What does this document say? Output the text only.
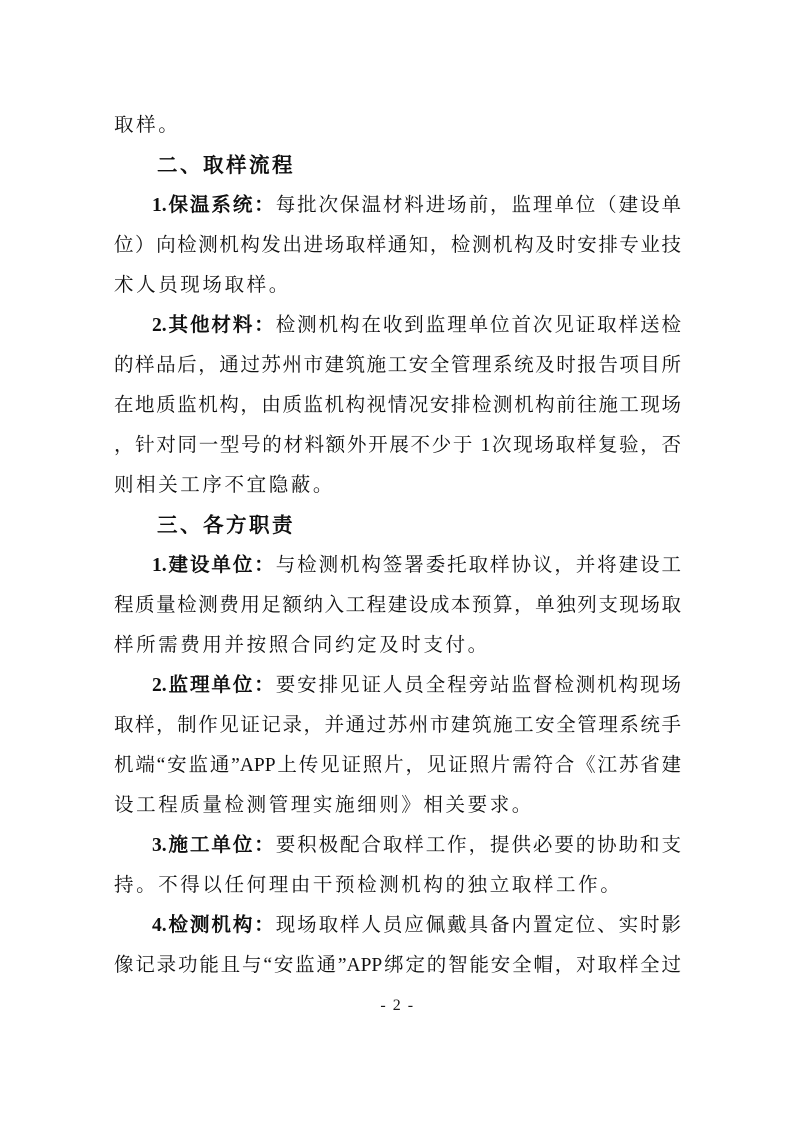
取样。
二、取样流程
1.保温系统：每批次保温材料进场前，监理单位（建设单
位）向检测机构发出进场取样通知，检测机构及时安排专业技
术人员现场取样。
2.其他材料：检测机构在收到监理单位首次见证取样送检
的样品后，通过苏州市建筑施工安全管理系统及时报告项目所
在地质监机构，由质监机构视情况安排检测机构前往施工现场
，针对同一型号的材料额外开展不少于 1次现场取样复验，否
则相关工序不宜隐蔽。
三、各方职责
1.建设单位：与检测机构签署委托取样协议，并将建设工
程质量检测费用足额纳入工程建设成本预算，单独列支现场取
样所需费用并按照合同约定及时支付。
2.监理单位：要安排见证人员全程旁站监督检测机构现场
取样，制作见证记录，并通过苏州市建筑施工安全管理系统手
机端“安监通”APP上传见证照片，见证照片需符合《江苏省建
设工程质量检测管理实施细则》相关要求。
3.施工单位：要积极配合取样工作，提供必要的协助和支
持。不得以任何理由干预检测机构的独立取样工作。
4.检测机构：现场取样人员应佩戴具备内置定位、实时影
像记录功能且与“安监通”APP绑定的智能安全帽，对取样全过
- 2 -
